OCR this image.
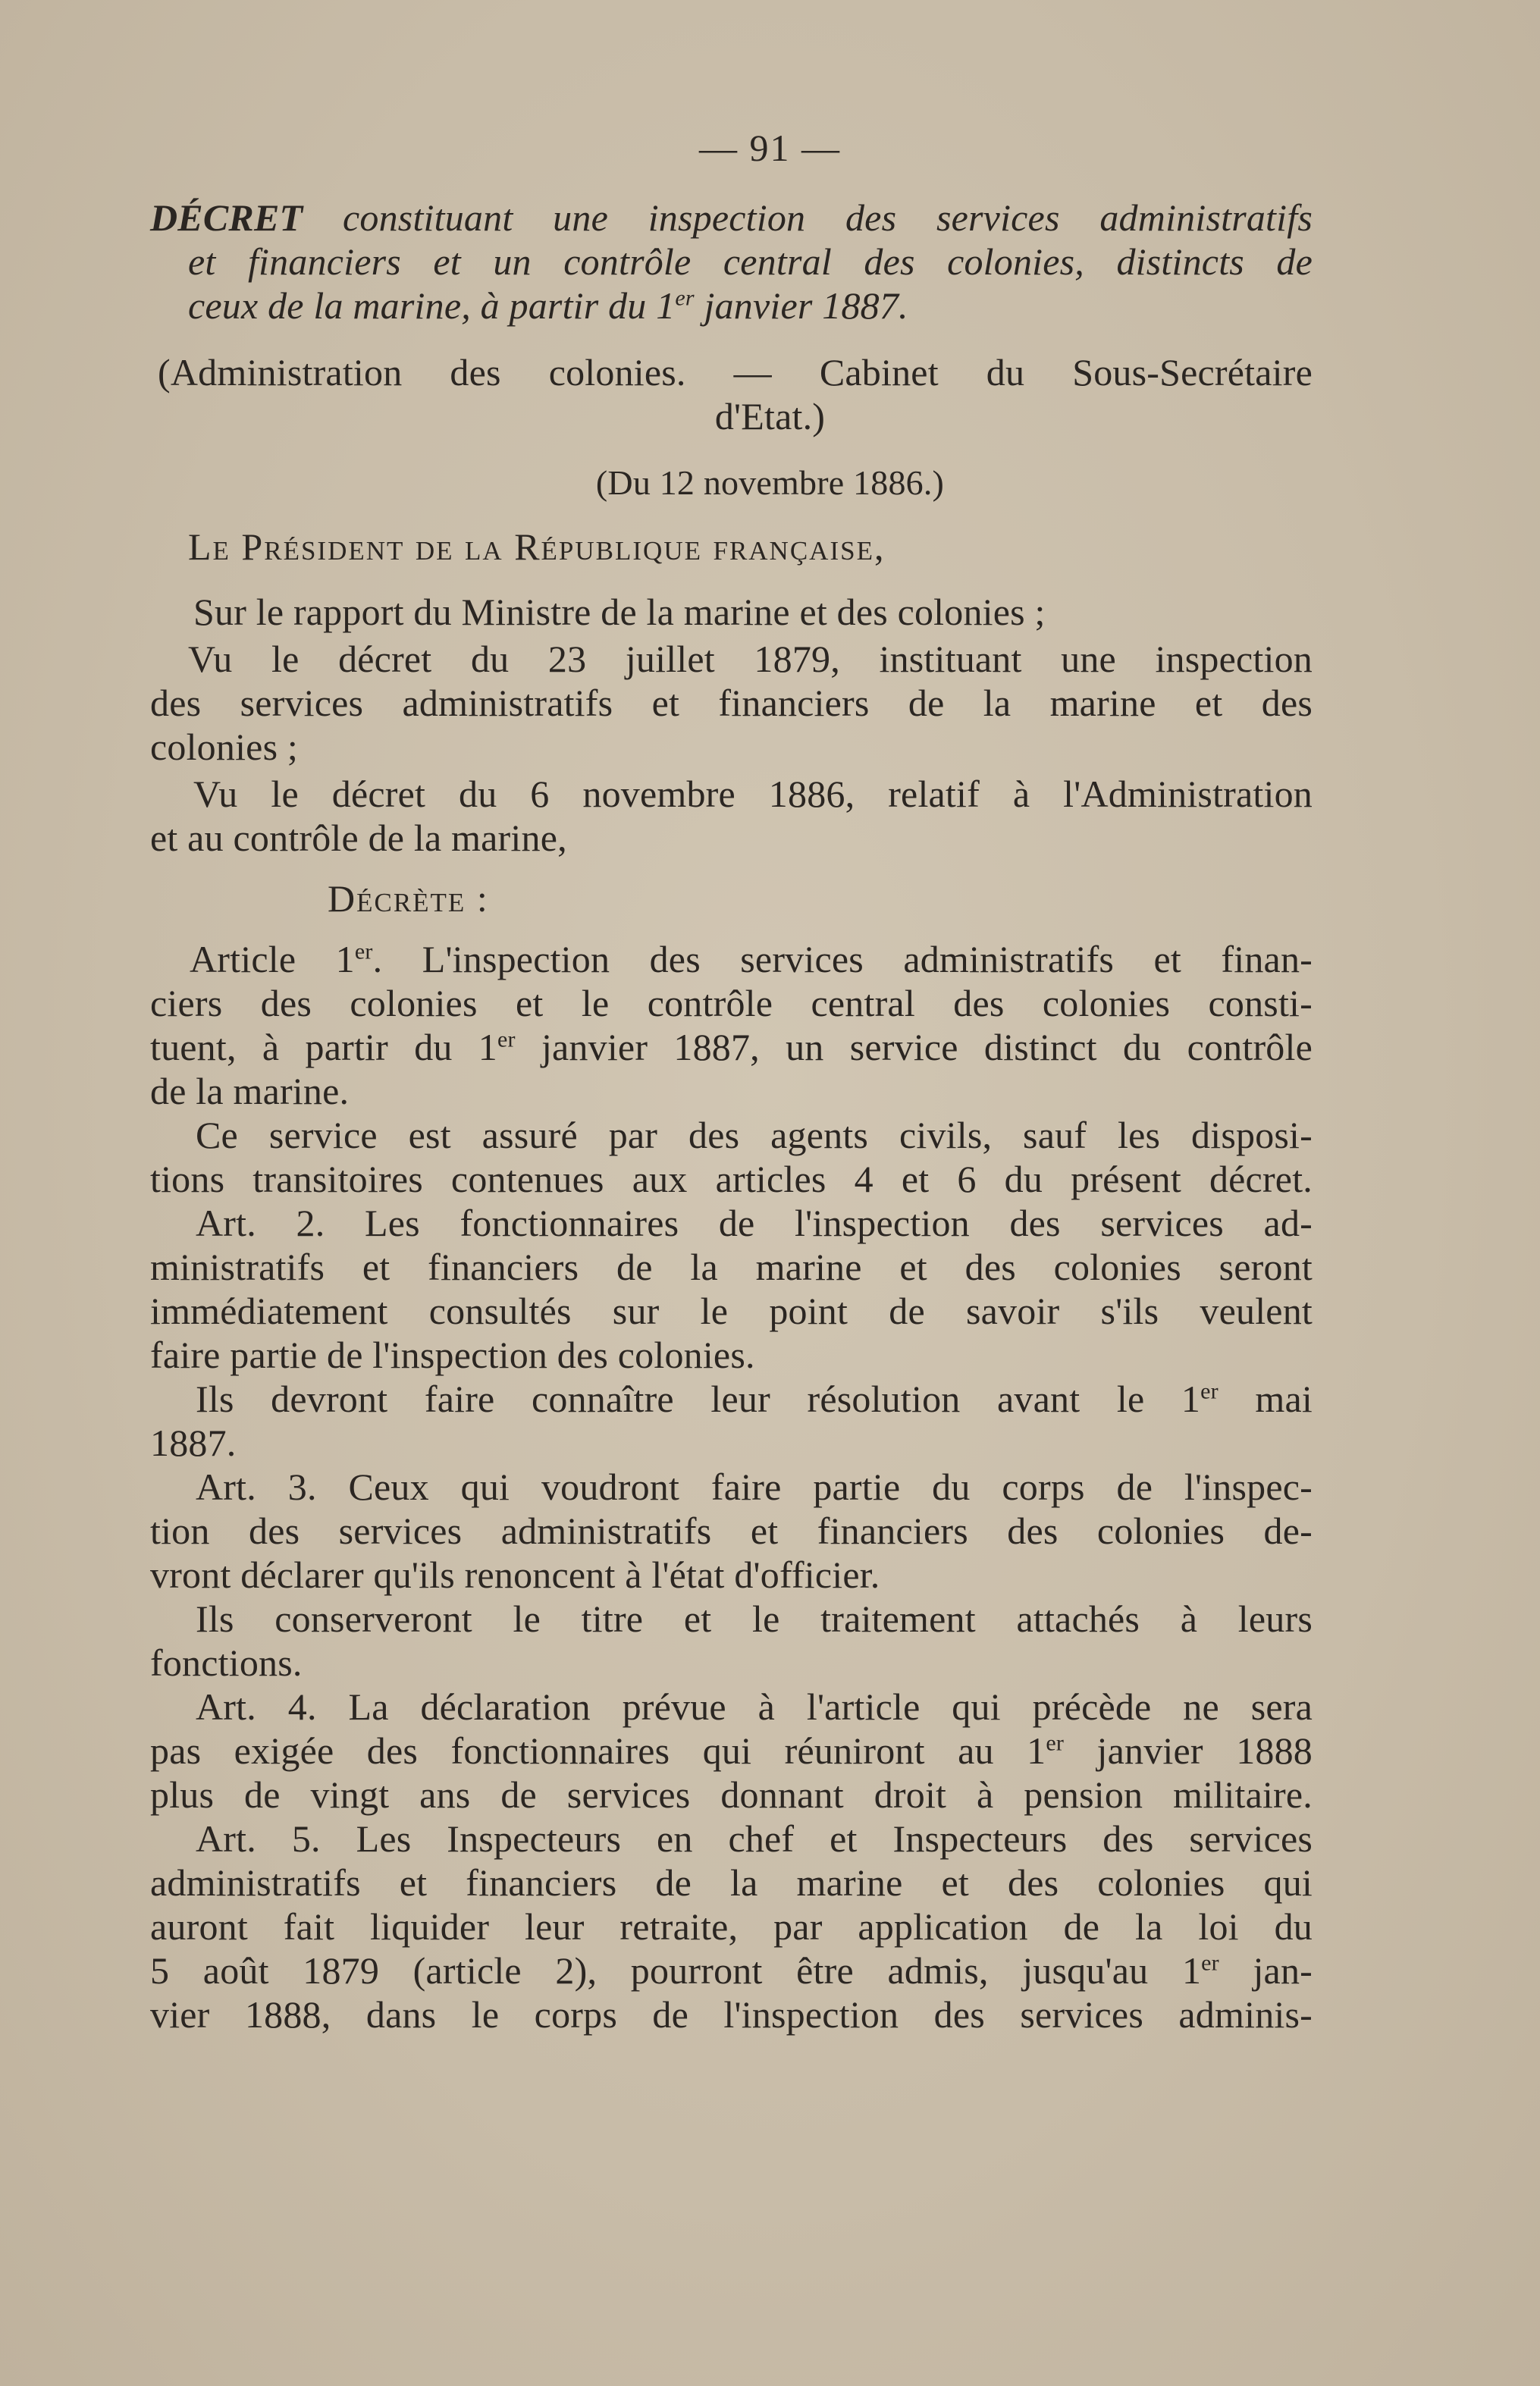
— 91 —
DÉCRET constituant une inspection des services administratifs
et financiers et un contrôle central des colonies, distincts de
ceux de la marine, à partir du 1er janvier 1887.
(Administration des colonies. — Cabinet du Sous-Secrétaire
d'Etat.)
(Du 12 novembre 1886.)
Le Président de la République française,
Sur le rapport du Ministre de la marine et des colonies ;
Vu le décret du 23 juillet 1879, instituant une inspection
des services administratifs et financiers de la marine et des
colonies ;
Vu le décret du 6 novembre 1886, relatif à l'Administration
et au contrôle de la marine,
Décrète :
Article 1er. L'inspection des services administratifs et finan-
ciers des colonies et le contrôle central des colonies consti-
tuent, à partir du 1er janvier 1887, un service distinct du contrôle
de la marine.
Ce service est assuré par des agents civils, sauf les disposi-
tions transitoires contenues aux articles 4 et 6 du présent décret.
Art. 2. Les fonctionnaires de l'inspection des services ad-
ministratifs et financiers de la marine et des colonies seront
immédiatement consultés sur le point de savoir s'ils veulent
faire partie de l'inspection des colonies.
Ils devront faire connaître leur résolution avant le 1er mai
1887.
Art. 3. Ceux qui voudront faire partie du corps de l'inspec-
tion des services administratifs et financiers des colonies de-
vront déclarer qu'ils renoncent à l'état d'officier.
Ils conserveront le titre et le traitement attachés à leurs
fonctions.
Art. 4. La déclaration prévue à l'article qui précède ne sera
pas exigée des fonctionnaires qui réuniront au 1er janvier 1888
plus de vingt ans de services donnant droit à pension militaire.
Art. 5. Les Inspecteurs en chef et Inspecteurs des services
administratifs et financiers de la marine et des colonies qui
auront fait liquider leur retraite, par application de la loi du
5 août 1879 (article 2), pourront être admis, jusqu'au 1er jan-
vier 1888, dans le corps de l'inspection des services adminis-
